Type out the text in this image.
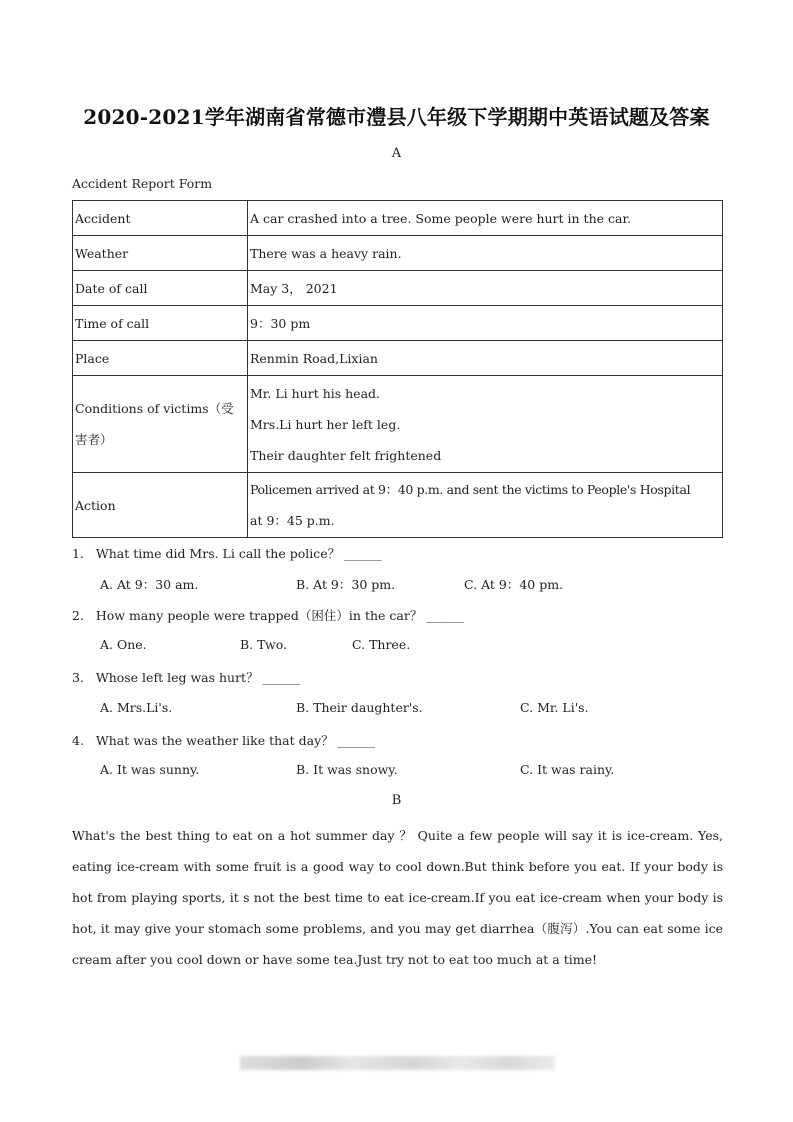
2020-2021学年湖南省常德市澧县八年级下学期期中英语试题及答案
A
Accident Report Form
Accident	A car crashed into a tree. Some people were hurt in the car.
Weather	There was a heavy rain.
Date of call	May 3， 2021
Time of call	9：30 pm
Place	Renmin Road,Lixian
Conditions of victims（受害者）	Mr. Li hurt his head.
Mrs.Li hurt her left leg.
Their daughter felt frightened

Action	Policemen arrived at 9：40 p.m. and sent the victims to People's Hospital
at 9：45 p.m.
1.   What time did Mrs. Li call the police？ ______
A. At 9：30 am.	B. At 9：30 pm.	C. At 9：40 pm.
2.   How many people were trapped（困住）in the car？ ______
A. One.	B. Two.	C. Three.
3.   Whose left leg was hurt？ ______
A. Mrs.Li's.	B. Their daughter's.	C. Mr. Li's.
4.   What was the weather like that day？ ______
A. It was sunny.	B. It was snowy.	C. It was rainy.
B
What's the best thing to eat on a hot summer day ？ Quite a few people will say it is ice-cream. Yes, eating ice-cream with some fruit is a good way to cool down.But think before you eat. If your body is hot from playing sports, it s not the best time to eat ice-cream.If you eat ice-cream when your body is hot, it may give your stomach some problems, and you may get diarrhea（腹泻）.You can eat some ice cream after you cool down or have some tea.Just try not to eat too much at a time!
